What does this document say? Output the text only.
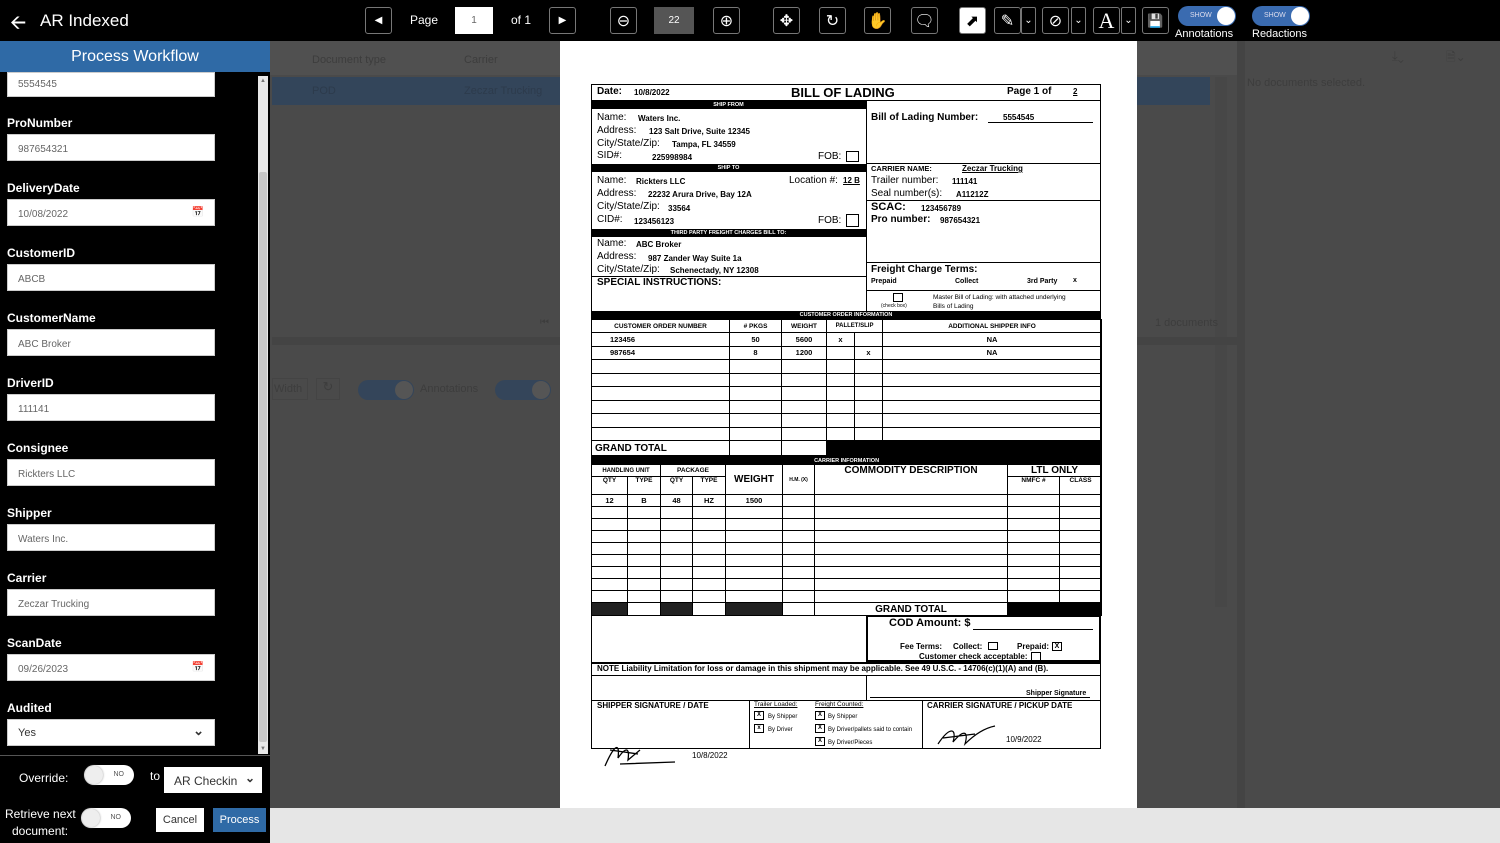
🡨 AR Indexed	◀ Page	1	of 1	▶	⊖	22	⊕	✥ ↻ ✋ 🗨 ⬈ ✎ ⌄ ⊘ ⌄ A ⌄ 💾	SHOW
Annotations
SHOW
Redactions
Document type	Carrier
POD	Zeczar Trucking
⏮	1 documents
Width	↻	Annotations
⤓⌄	🗎⌄
No documents selected.
Date: 10/8/2022	BILL OF LADING	Page 1 of	2
SHIP FROM
Name: Waters Inc.
Address: 123 Salt Drive, Suite 12345
City/State/Zip: Tampa, FL 34559
SID#:	225998984	FOB:
SHIP TO
Name: Rickters LLC	Location #: 12 B
Address: 22232 Arura Drive, Bay 12A
City/State/Zip: 33564
CID#: 123456123	FOB:
THIRD PARTY FREIGHT CHARGES BILL TO:
Name: ABC Broker
Address: 987 Zander Way Suite 1a
City/State/Zip: Schenectady, NY 12308
SPECIAL INSTRUCTIONS:
Bill of Lading Number:	5554545
CARRIER NAME:	Zeczar Trucking
Trailer number: 111141
Seal number(s): A11212Z
SCAC: 123456789
Pro number: 987654321
Freight Charge Terms:
Prepaid	Collect	3rd Party x
(check box)
Master Bill of Lading: with attached underlying Bills of Lading
CUSTOMER ORDER INFORMATION
CUSTOMER ORDER NUMBER	# PKGS	WEIGHT	PALLET/SLIP		ADDITIONAL SHIPPER INFO
123456	50	5600	x		NA
987654	8	1200		x	NA

GRAND TOTAL					
CARRIER INFORMATION								
HANDLING UNIT		PACKAGE		WEIGHT	H.M. (X)	COMMODITY DESCRIPTION	LTL ONLY	
QTY	TYPE	QTY	TYPE				NMFC #	CLASS
12	B	48	HZ	1500				

						GRAND TOTAL		
COD Amount: $
Fee Terms: Collect:	Prepaid: X
Customer check acceptable:
NOTE Liability Limitation for loss or damage in this shipment may be applicable. See 49 U.S.C. - 14706(c)(1)(A) and (B).
Shipper Signature
SHIPPER SIGNATURE / DATE	Trailer Loaded:
X	By Shipper
x	By Driver
Freight Counted:
X	By Shipper
X	By Driver/pallets said to contain
X	By Driver/Pieces
CARRIER SIGNATURE / PICKUP DATE
10/9/2022
10/8/2022
Process Workflow
5554545
ProNumber
987654321
DeliveryDate
10/08/2022	📅
CustomerID
ABCB
CustomerName
ABC Broker
DriverID
111141
Consignee
Rickters LLC
Shipper
Waters Inc.
Carrier
Zeczar Trucking
ScanDate
09/26/2023	📅
Audited
Yes	⌄
▲
▼
Override:	NO to	AR Checkin ⌄
Retrieve next
document:
NO	Cancel	Process
